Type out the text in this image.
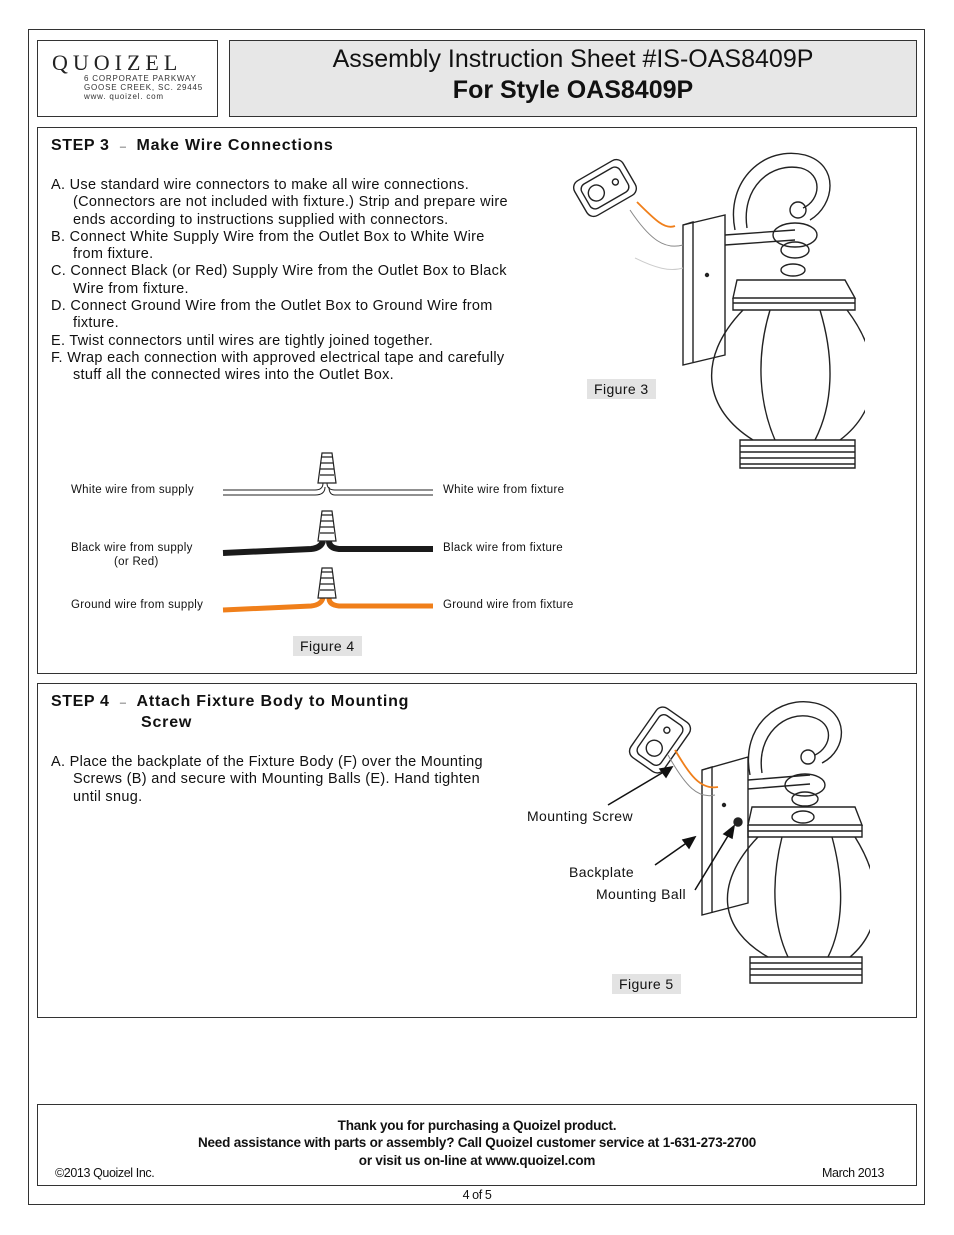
QUOIZEL
6 CORPORATE PARKWAY
GOOSE CREEK, SC. 29445
www. quoizel. com
Assembly Instruction Sheet #IS-OAS8409P
For Style OAS8409P
STEP 3 – Make Wire Connections

A. Use standard wire connectors to make all wire connections. (Connectors are not included with fixture.) Strip and prepare wire ends according to instructions supplied with connectors.

B. Connect White Supply Wire from the Outlet Box to White Wire from fixture.

C. Connect Black (or Red) Supply Wire from the Outlet Box to Black Wire from fixture.

D. Connect Ground Wire from the Outlet Box to Ground Wire from fixture.

E. Twist connectors until wires are tightly joined together.

F. Wrap each connection with approved electrical tape and carefully stuff all the connected wires into the Outlet Box.

Figure 3
White wire from supply	White wire from fixture
Black wire from supply
(or Red)
Black wire from fixture
Ground wire from supply	Ground wire from fixture
Figure 4
STEP 4 – Attach Fixture Body to Mounting
Screw

A. Place the backplate of the Fixture Body (F) over the Mounting Screws (B) and secure with Mounting Balls (E). Hand tighten until snug.

Mounting Screw
Backplate
Mounting Ball
Figure 5
Thank you for purchasing a Quoizel product.
Need assistance with parts or assembly? Call Quoizel customer service at 1-631-273-2700
or visit us on-line at www.quoizel.com
©2013 Quoizel Inc.	March 2013
4 of 5
